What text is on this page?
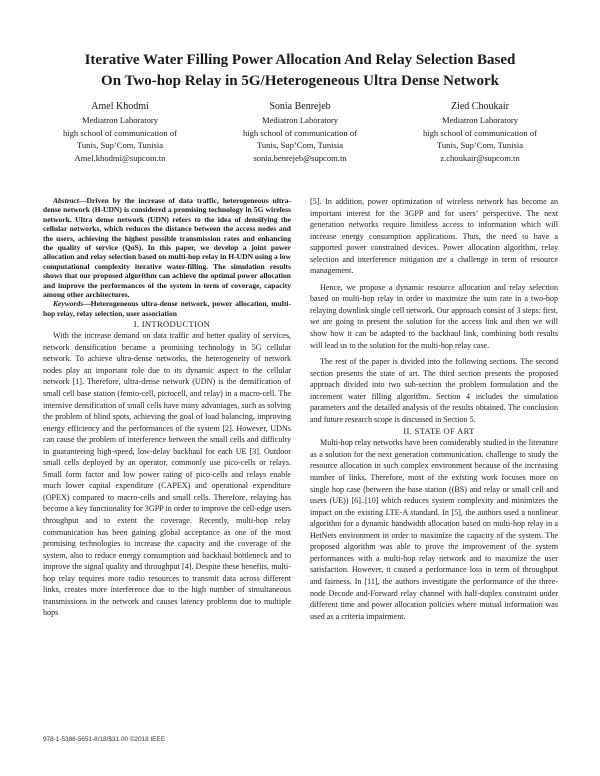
Iterative Water Filling Power Allocation And Relay Selection Based
On Two-hop Relay in 5G/Heterogeneous Ultra Dense Network
Amel Khodmi
Mediatron Laboratory
high school of communication of
Tunis, Sup’Com, Tunisia
Amel.khodmi@supcom.tn
Sonia Benrejeb
Mediatron Laboratory
high school of communication of
Tunis, Sup’Com, Tunisia
sonia.benrejeb@supcom.tn
Zied Choukair
Mediatron Laboratory
high school of communication of
Tunis, Sup’Com, Tunisia
z.choukair@supcom.tn

Abstract—Driven by the increase of data traffic, heterogeneous ultra-dense network (H-UDN) is considered a promising technology in 5G wireless network. Ultra dense network (UDN) refers to the idea of densifying the cellular networks, which reduces the distance between the access nodes and the users, achieving the highest possible transmission rates and enhancing the quality of service (QoS). In this paper, we develop a joint power allocation and relay selection based on multi-hop relay in H-UDN using a low computational complexity iterative water-filling. The simulation results shows that our proposed algorithm can achieve the optimal power allocation and improve the performances of the system in term of coverage, capacity among other architectures.

Keywords—Heterogeneous ultra-dense network, power allocation, multi-hop relay, relay selection, user association

I. INTRODUCTION

With the increase demand on data traffic and better quality of services, network densification became a promising technology in 5G cellular network. To achieve ultra-dense networks, the heterogeneity of network nodes play an important role due to its dynamic aspect to the cellular network [1]. Therefore, ultra-dense network (UDN) is the densification of small cell base station (femto-cell, pictocell, and relay) in a macro-cell. The intensive densification of small cells have many advantages, such as solving the problem of blind spots, achieving the goal of load balancing, improving energy efficiency and the performances of the system [2]. However, UDNs can cause the problem of interference between the small cells and difficulty in guaranteeing high-speed, low-delay backhaul for each UE [3]. Outdoor small cells deployed by an operator, commonly use pico-cells or relays. Small form factor and low power rating of pico-cells and relays enable much lower capital expenditure (CAPEX) and operational expenditure (OPEX) compared to macro-cells and small cells. Therefore, relaying has become a key functionality for 3GPP in order to improve the cell-edge users throughput and to extent the coverage. Recently, multi-hop relay communication has been gaining global acceptance as one of the most promising technologies to increase the capacity and the coverage of the system, also to reduce energy consumption and backhaul bottleneck and to improve the signal quality and throughput [4]. Despite these benefits, multi-hop relay requires more radio resources to transmit data across different links, creates more interference due to the high number of simultaneous transmissions in the network and causes latency problems due to multiple hops

[5]. In addition, power optimization of wireless network has become an important interest for the 3GPP and for users’ perspective. The next generation networks require limitless access to information which will increase energy consumption applications. Thus, the need to have a supported power constrained devices. Power allocation algorithm, relay selection and interference mitigation are a challenge in term of resource management.

Hence, we propose a dynamic resource allocation and relay selection based on multi-hop relay in order to maximize the sum rate in a two-hop relaying downlink single cell network. Our approach consist of 3 steps: first, we are going to present the solution for the access link and then we will show how it can be adapted to the backhaul link, combining both results will lead us to the solution for the multi-hop relay case.

The rest of the paper is divided into the following sections. The second section presents the state of art. The third section presents the proposed approach divided into two sub-section the problem formulation and the increment water filling algorithm. Section 4 includes the simulation parameters and the detailed analysis of the results obtained. The conclusion and future research scope is discussed in Section 5.

II. STATE OF ART

Multi-hop relay networks have been considerably studied in the literature as a solution for the next generation communication. challenge to study the resource allocation in such complex environment because of the increasing number of links. Therefore, most of the existing work focuses more on single hop case (between the base station ((BS) and relay or small cell and users (UE)) [6]..[10] which reduces system complexity and minimizes the impact on the existing LTE-A standard. In [5], the authors used a nonlinear algorithm for a dynamic bandwidth allocation based on multi-hop relay in a HetNets environment in order to maximize the capacity of the system. The proposed algorithm was able to prove the improvement of the system performances with a multi-hop relay network and to maximize the user satisfaction. However, it caused a performance loss in term of throughput and fairness. In [11], the authors investigate the performance of the three-node Decode and-Forward relay channel with half-duplex constraint under different time and power allocation policies where mutual information was used as a criteria impairment.

978-1-5386-5651-8/18/$31.00 ©2018 IEEE
